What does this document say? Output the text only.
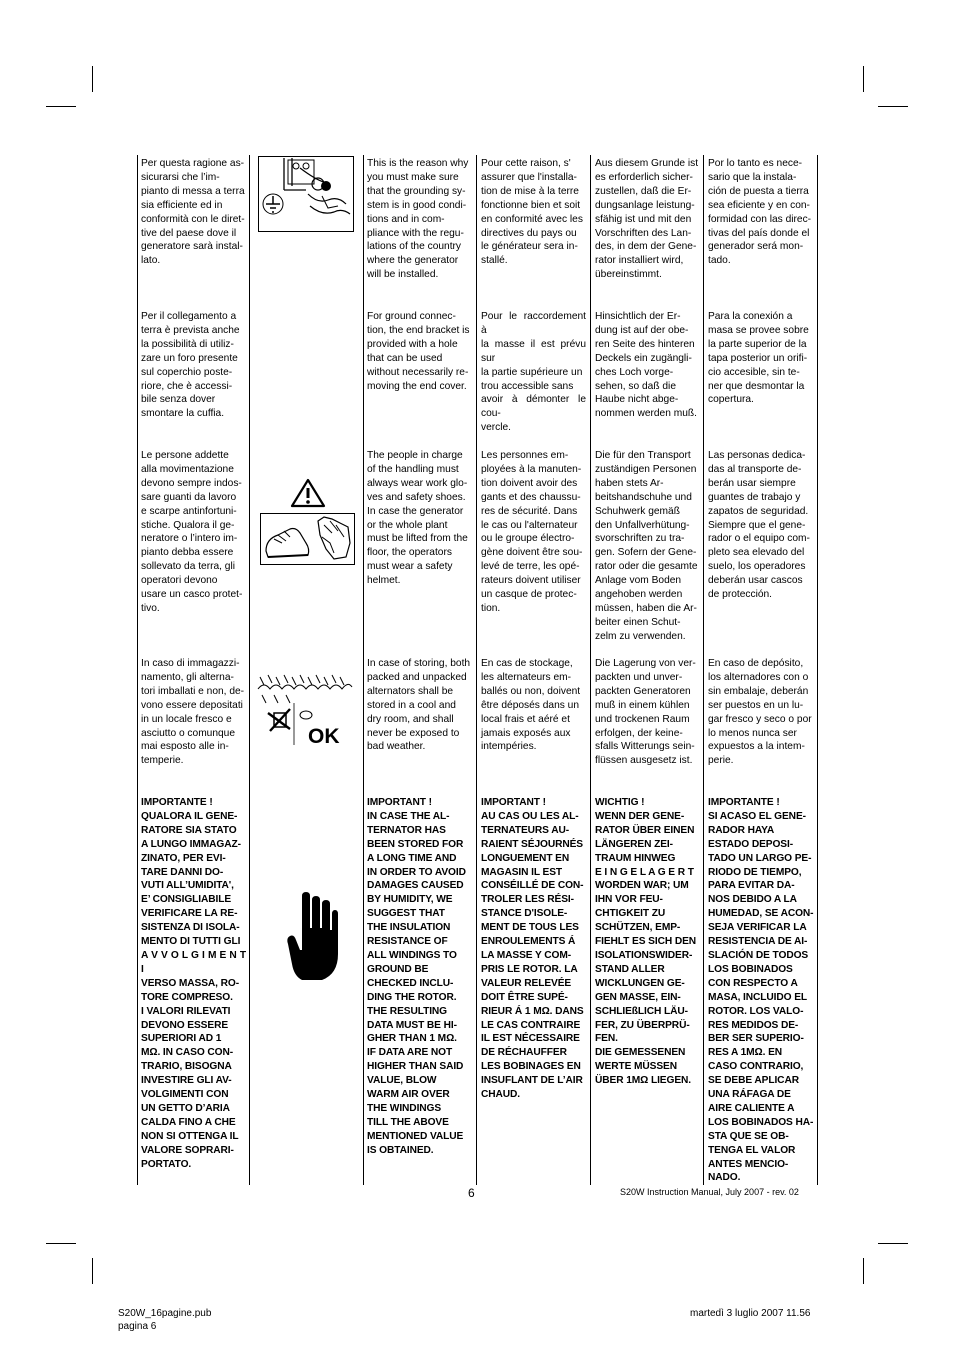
Per questa ragione as-
sicurarsi che l’im-
pianto di messa a terra
sia efficiente ed in
conformità con le diret-
tive del paese dove il
generatore sarà instal-
lato.
This is the reason why
you must make sure
that the grounding sy-
stem is in good condi-
tions and in com-
pliance with the regu-
lations of the country
where the generator
will be installed.
Pour cette raison, s'
assurer que l'installa-
tion de mise à la terre
fonctionne bien et soit
en conformité avec les
directives du pays ou
le générateur sera in-
stallé.
Aus diesem Grunde ist
es erforderlich sicher-
zustellen, daß die Er-
dungsanlage leistung-
sfähig ist und mit den
Vorschriften des Lan-
des, in dem der Gene-
rator installiert wird,
übereinstimmt.
Por lo tanto es nece-
sario que la instala-
ción de puesta a tierra
sea eficiente y en con-
formidad con las direc-
tivas del país donde el
generador será mon-
tado.
Per il collegamento a
terra è prevista anche
la possibilità di utiliz-
zare un foro presente
sul coperchio poste-
riore, che è accessi-
bile senza dover
smontare la cuffia.
For ground connec-
tion, the end bracket is
provided with a hole
that can be used
without necessarily re-
moving the end cover.
Pour le raccordement à
la masse il est prévu sur
la partie supérieure un
trou accessible sans
avoir à démonter le cou-
vercle.
Hinsichtlich der Er-
dung ist auf der obe-
ren Seite des hinteren
Deckels ein zugängli-
ches Loch vorge-
sehen, so daß die
Haube nicht abge-
nommen werden muß.
Para la conexión a
masa se provee sobre
la parte superior de la
tapa posterior un orifi-
cio accesible, sin te-
ner que desmontar la
copertura.
Le persone addette
alla movimentazione
devono sempre indos-
sare guanti da lavoro
e scarpe antinfortuni-
stiche. Qualora il ge-
neratore o l’intero im-
pianto debba essere
sollevato da terra, gli
operatori devono
usare un casco protet-
tivo.
The people in charge
of the handling must
always wear work glo-
ves and safety shoes.
In case the generator
or the whole plant
must be lifted from the
floor, the operators
must wear a safety
helmet.
Les personnes em-
ployées à la manuten-
tion doivent avoir des
gants et des chaussu-
res de sécurité. Dans
le cas ou l'alternateur
ou le groupe électro-
gène doivent être sou-
levé de terre, les opé-
rateurs doivent utiliser
un casque de protec-
tion.
Die für den Transport
zuständigen Personen
haben stets Ar-
beitshandschuhe und
Schuhwerk gemäß
den Unfallverhütung-
svorschriften zu tra-
gen. Sofern der Gene-
rator oder die gesamte
Anlage vom Boden
angehoben werden
müssen, haben die Ar-
beiter einen Schut-
zelm zu verwenden.
Las personas dedica-
das al transporte de-
berán usar siempre
guantes de trabajo y
zapatos de seguridad.
Siempre que el gene-
rador o el equipo com-
pleto sea elevado del
suelo, los operadores
deberán usar cascos
de protección.
In caso di immagazzi-
namento, gli alterna-
tori imballati e non, de-
vono essere depositati
in un locale fresco e
asciutto o comunque
mai esposto alle in-
temperie.
In case of storing, both
packed and unpacked
alternators shall be
stored in a cool and
dry room, and shall
never be exposed to
bad weather.
En cas de stockage,
les alternateurs em-
ballés ou non, doivent
être déposés dans un
local frais et aéré et
jamais exposés aux
intempéries.
Die Lagerung von ver-
packten und unver-
packten Generatoren
muß in einem kühlen
und trockenen Raum
erfolgen, der keine-
sfalls Witterungs sein-
flüssen ausgesetz ist.
En caso de depósito,
los alternadores con o
sin embalaje, deberán
ser puestos en un lu-
gar fresco y seco o por
lo menos nunca ser
expuestos a la intem-
perie.
IMPORTANTE !
QUALORA IL GENE-
RATORE SIA STATO
A LUNGO IMMAGAZ-
ZINATO, PER EVI-
TARE DANNI DO-
VUTI ALL’UMIDITA',
E’ CONSIGLIABILE
VERIFICARE LA RE-
SISTENZA DI ISOLA-
MENTO DI TUTTI GLI
A V V O L G I M E N T I
VERSO MASSA, RO-
TORE COMPRESO.
I VALORI RILEVATI
DEVONO ESSERE
SUPERIORI AD 1
MΩ. IN CASO CON-
TRARIO, BISOGNA
INVESTIRE GLI AV-
VOLGIMENTI CON
UN GETTO D’ARIA
CALDA FINO A CHE
NON SI OTTENGA IL
VALORE SOPRARI-
PORTATO.
IMPORTANT !
IN CASE THE AL-
TERNATOR HAS
BEEN STORED FOR
A LONG TIME AND
IN ORDER TO AVOID
DAMAGES CAUSED
BY HUMIDITY, WE
SUGGEST THAT
THE INSULATION
RESISTANCE OF
ALL WINDINGS TO
GROUND BE
CHECKED INCLU-
DING THE ROTOR.
THE RESULTING
DATA MUST BE HI-
GHER THAN 1 MΩ.
IF DATA ARE NOT
HIGHER THAN SAID
VALUE, BLOW
WARM AIR OVER
THE WINDINGS
TILL THE ABOVE
MENTIONED VALUE
IS OBTAINED.
IMPORTANT !
AU CAS OU LES AL-
TERNATEURS AU-
RAIENT SÉJOURNÉS
LONGUEMENT EN
MAGASIN IL EST
CONSÉILLÉ DE CON-
TROLER LES RÉSI-
STANCE D'ISOLE-
MENT DE TOUS LES
ENROULEMENTS Á
LA MASSE Y COM-
PRIS LE ROTOR. LA
VALEUR RELEVÉE
DOIT ÊTRE SUPÉ-
RIEUR Á 1 MΩ. DANS
LE CAS CONTRAIRE
IL EST NÉCESSAIRE
DE RÉCHAUFFER
LES BOBINAGES EN
INSUFLANT DE L’AIR
CHAUD.
WICHTIG !
WENN DER GENE-
RATOR ÜBER EINEN
LÄNGEREN ZEI-
TRAUM HINWEG
E I N G E L A G E R T
WORDEN WAR; UM
IHN VOR FEU-
CHTIGKEIT ZU
SCHÜTZEN, EMP-
FIEHLT ES SICH DEN
ISOLATIONSWIDER-
STAND ALLER
WICKLUNGEN GE-
GEN MASSE, EIN-
SCHLIEßLICH LÄU-
FER, ZU ÜBERPRÜ-
FEN.
DIE GEMESSENEN
WERTE MÜSSEN
ÜBER 1MΩ LIEGEN.
IMPORTANTE !
SI ACASO EL GENE-
RADOR HAYA
ESTADO DEPOSI-
TADO UN LARGO PE-
RIODO DE TIEMPO,
PARA EVITAR DA-
NOS DEBIDO A LA
HUMEDAD, SE ACON-
SEJA VERIFICAR LA
RESISTENCIA DE AI-
SLACIÓN DE TODOS
LOS BOBINADOS
CON RESPECTO A
MASA, INCLUIDO EL
ROTOR. LOS VALO-
RES MEDIDOS DE-
BER SER SUPERIO-
RES A 1MΩ. EN
CASO CONTRARIO,
SE DEBE APLICAR
UNA RÁFAGA DE
AIRE CALIENTE A
LOS BOBINADOS HA-
STA QUE SE OB-
TENGA EL VALOR
ANTES MENCIO-
NADO.
OK
6	S20W Instruction Manual, July 2007 - rev. 02
S20W_16pagine.pub
pagina 6
martedì 3 luglio 2007 11.56
